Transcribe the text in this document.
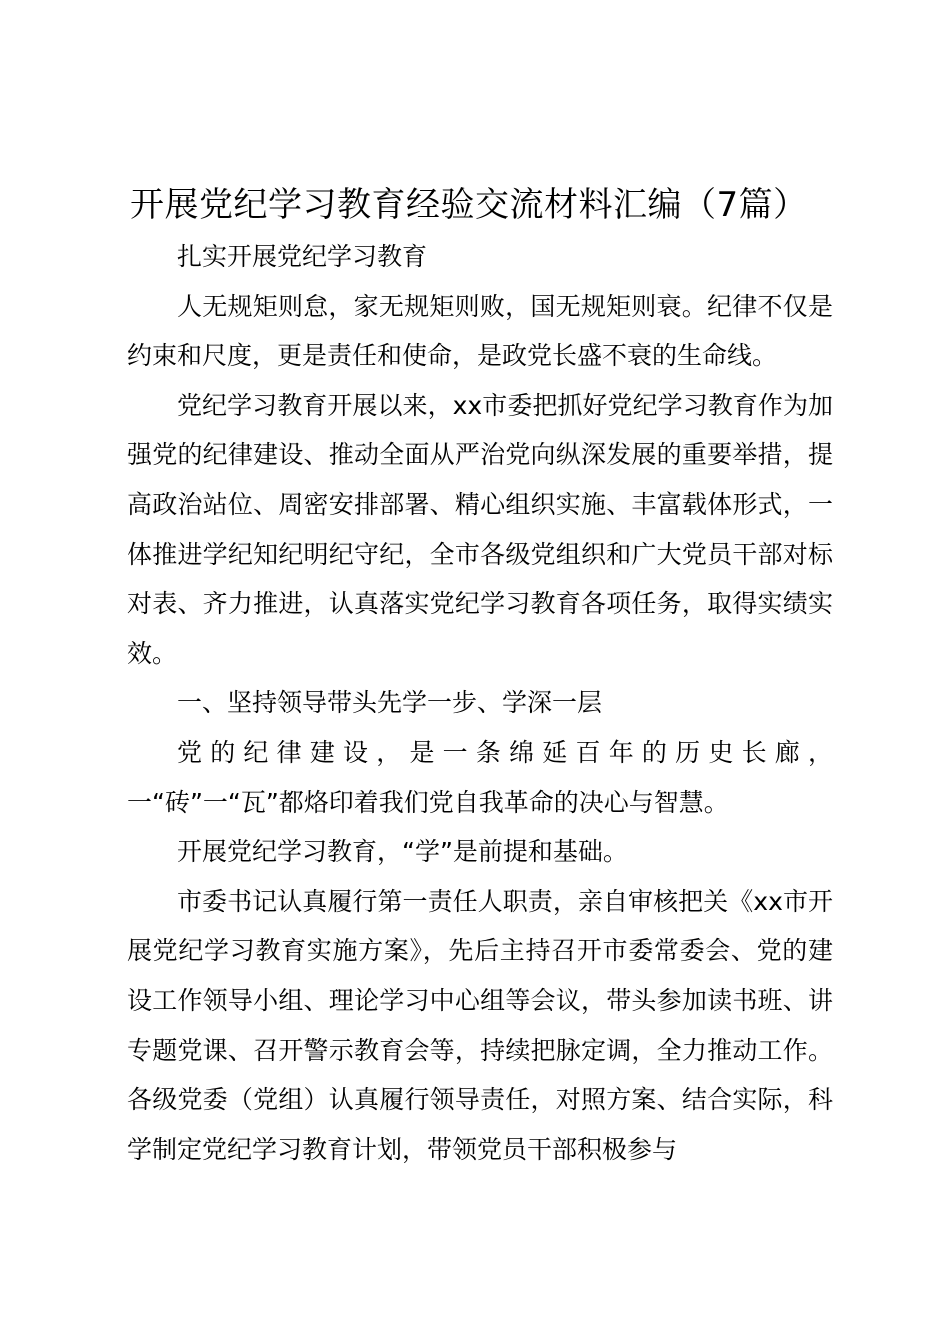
开展党纪学习教育经验交流材料汇编（7篇）

扎实开展党纪学习教育

人无规矩则怠，家无规矩则败，国无规矩则衰。纪律不仅是约束和尺度，更是责任和使命，是政党长盛不衰的生命线。

党纪学习教育开展以来，xx市委把抓好党纪学习教育作为加强党的纪律建设、推动全面从严治党向纵深发展的重要举措，提高政治站位、周密安排部署、精心组织实施、丰富载体形式，一体推进学纪知纪明纪守纪，全市各级党组织和广大党员干部对标对表、齐力推进，认真落实党纪学习教育各项任务，取得实绩实效。

一、坚持领导带头先学一步、学深一层

党的纪律建设，是一条绵延百年的历史长廊，一“砖”一“瓦”都烙印着我们党自我革命的决心与智慧。

开展党纪学习教育，“学”是前提和基础。

市委书记认真履行第一责任人职责，亲自审核把关《xx市开展党纪学习教育实施方案》，先后主持召开市委常委会、党的建设工作领导小组、理论学习中心组等会议，带头参加读书班、讲专题党课、召开警示教育会等，持续把脉定调，全力推动工作。各级党委（党组）认真履行领导责任，对照方案、结合实际，科学制定党纪学习教育计划，带领党员干部积极参与
